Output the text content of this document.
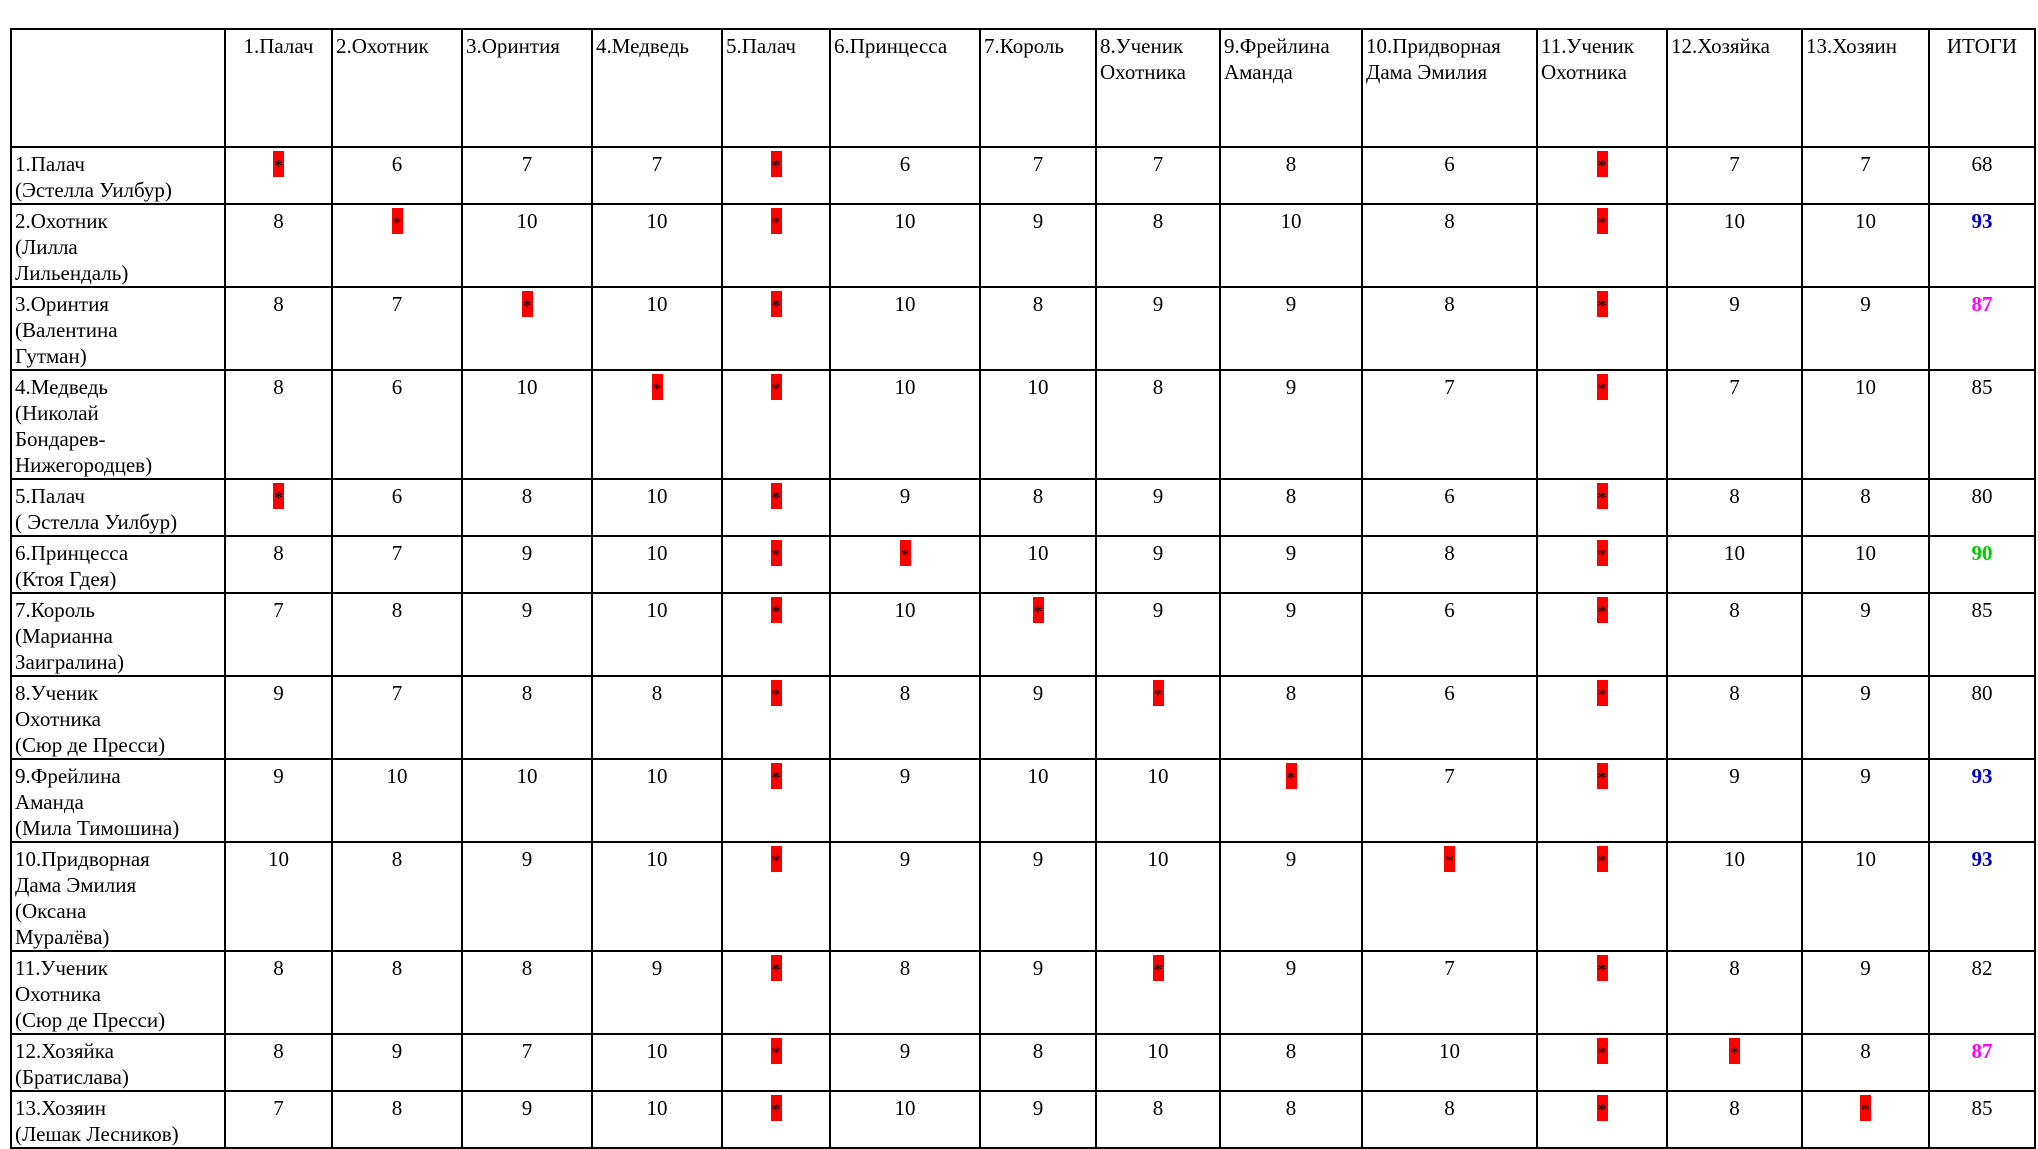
	1.Палач	2.Охотник	3.Оринтия	4.Медведь	5.Палач	6.Принцесса	7.Король	8.Ученик Охотника	9.Фрейлина Аманда	10.Придворная Дама Эмилия	11.Ученик Охотника	12.Хозяйка	13.Хозяин	ИТОГИ
1.Палач
(Эстелла Уилбур)	*	6	7	7	*	6	7	7	8	6	*	7	7	68
2.Охотник
(Лилла
Лильендаль)	8	*	10	10	*	10	9	8	10	8	*	10	10	93
3.Оринтия
(Валентина
Гутман)	8	7	*	10	*	10	8	9	9	8	*	9	9	87
4.Медведь
(Николай
Бондарев-
Нижегородцев)	8	6	10	*	*	10	10	8	9	7	*	7	10	85
5.Палач
( Эстелла Уилбур)	*	6	8	10	*	9	8	9	8	6	*	8	8	80
6.Принцесса
(Ктоя Гдея)	8	7	9	10	*	*	10	9	9	8	*	10	10	90
7.Король
(Марианна
Заигралина)	7	8	9	10	*	10	*	9	9	6	*	8	9	85
8.Ученик
Охотника
(Сюр де Пресси)	9	7	8	8	*	8	9	*	8	6	*	8	9	80
9.Фрейлина
Аманда
(Мила Тимошина)	9	10	10	10	*	9	10	10	*	7	*	9	9	93
10.Придворная
Дама Эмилия
(Оксана
Муралёва)	10	8	9	10	*	9	9	10	9	*	*	10	10	93
11.Ученик
Охотника
(Сюр де Пресси)	8	8	8	9	*	8	9	*	9	7	*	8	9	82
12.Хозяйка
(Братислава)	8	9	7	10	*	9	8	10	8	10	*	*	8	87
13.Хозяин
(Лешак Лесников)	7	8	9	10	*	10	9	8	8	8	*	8	*	85
